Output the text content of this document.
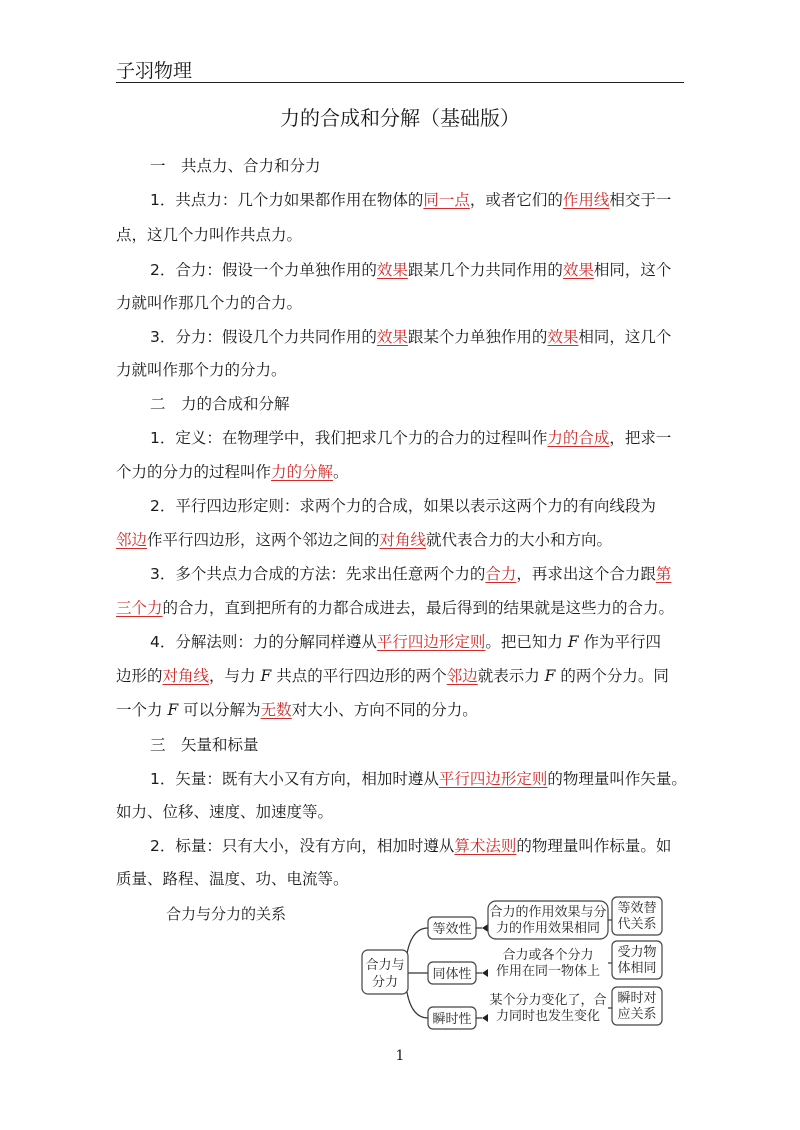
子羽物理
力的合成和分解（基础版）
一　共点力、合力和分力
1．共点力：几个力如果都作用在物体的同一点，或者它们的作用线相交于一
点，这几个力叫作共点力。
2．合力：假设一个力单独作用的效果跟某几个力共同作用的效果相同，这个
力就叫作那几个力的合力。
3．分力：假设几个力共同作用的效果跟某个力单独作用的效果相同，这几个
力就叫作那个力的分力。
二　力的合成和分解
1．定义：在物理学中，我们把求几个力的合力的过程叫作力的合成，把求一
个力的分力的过程叫作力的分解。
2．平行四边形定则：求两个力的合成，如果以表示这两个力的有向线段为
邻边作平行四边形，这两个邻边之间的对角线就代表合力的大小和方向。
3．多个共点力合成的方法：先求出任意两个力的合力，再求出这个合力跟第
三个力的合力，直到把所有的力都合成进去，最后得到的结果就是这些力的合力。
4．分解法则：力的分解同样遵从平行四边形定则。把已知力 F 作为平行四
边形的对角线，与力 F 共点的平行四边形的两个邻边就表示力 F 的两个分力。同
一个力 F 可以分解为无数对大小、方向不同的分力。
三　矢量和标量
1．矢量：既有大小又有方向，相加时遵从平行四边形定则的物理量叫作矢量。
如力、位移、速度、加速度等。
2．标量：只有大小，没有方向，相加时遵从算术法则的物理量叫作标量。如
质量、路程、温度、功、电流等。
合力与分力的关系
合力与
分力
等效性
合力的作用效果与分
力的作用效果相同
等效替
代关系
同体性
合力或各个分力
作用在同一物体上
受力物
体相同
瞬时性
某个分力变化了，合
力同时也发生变化
瞬时对
应关系
1
